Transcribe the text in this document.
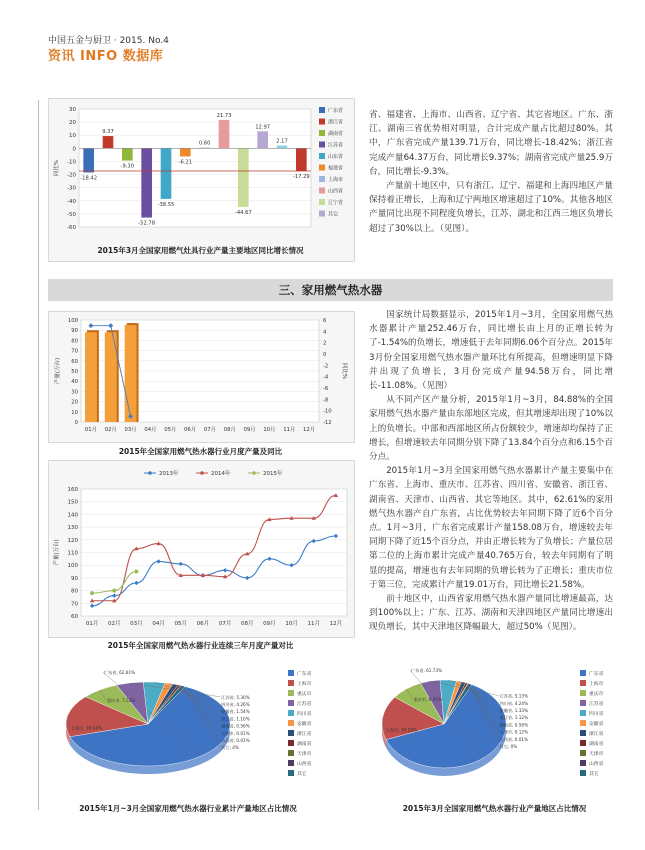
中国五金与厨卫 · 2015. No.4
资讯 INFO 数据库
30
20
10
0
-10
-20
-30
-40
-50
-60
同比%
-18.42
9.37
-9.30
-52.78
-38.55
-6.21
0.60
21.73
-44.67
12.97
2.17
-17.29
广东省
浙江省
湖南省
江苏省
山东省
福建省
上海市
山西省
辽宁省
其它
2015年3月全国家用燃气灶具行业产量主要地区同比增长情况

省、福建省、上海市、山西省、辽宁省、其它省地区。广东、浙江、湖南三省优势相对明显，合计完成产量占比超过80%。其中，广东省完成产量139.71万台，同比增长-18.42%；浙江省完成产量64.37万台，同比增长9.37%；湖南省完成产量25.9万台，同比增长-9.3%。

产量前十地区中，只有浙江、辽宁、福建和上海四地区产量保持着正增长，上海和辽宁两地区增速超过了10%。其他各地区产量同比出现不同程度负增长，江苏、湖北和江西三地区负增长超过了30%以上。（见图）。

三、家用燃气热水器
100
90
80
70
60
50
40
30
20
10
0
6
4
2
0
-2
-4
-6
-8
-10
-12
产量(万台)	同比%
01月 02月 03月 04月 05月 06月 07月 08月 09月 10月 11月 12月
2015年全国家用燃气热水器行业月度产量及同比
160
150
140
130
120
110
100
90
80
70
60
产量(万台)
01月 02月 03月 04月 05月 06月 07月 08月 09月 10月 11月 12月
2013年	2014年	2015年
2015年全国家用燃气热水器行业连续三年月度产量对比

国家统计局数据显示，2015年1月~3月，全国家用燃气热水器累计产量252.46万台，同比增长由上月的正增长转为了-1.54%的负增长，增速低于去年同期6.06个百分点。2015年3月份全国家用燃气热水器产量环比有所提高，但增速明显下降并出现了负增长，3月份完成产量94.58万台，同比增长-11.08%。（见图）

从不同产区产量分析，2015年1月~3月，84.88%的全国家用燃气热水器产量由东部地区完成，但其增速却出现了10%以上的负增长。中部和西部地区所占份额较少，增速却均保持了正增长，但增速较去年同期分别下降了13.84个百分点和6.15个百分点。

2015年1月~3月全国家用燃气热水器累计产量主要集中在广东省、上海市、重庆市、江苏省、四川省、安徽省、浙江省、湖南省、天津市、山西省、其它等地区。其中，62.61%的家用燃气热水器产自广东省，占比优势较去年同期下降了近6个百分点。1月~3月，广东省完成累计产量158.08万台，增速较去年同期下降了近15个百分点，并由正增长转为了负增长；产量位居第二位的上海市累计完成产量40.765万台，较去年同期有了明显的提高，增速也有去年同期的负增长转为了正增长；重庆市位于第三位，完成累计产量19.01万台，同比增长21.58%。

前十地区中，山西省家用燃气热水器产量同比增速最高，达到100%以上；广东、江苏、湖南和天津四地区产量同比增速出现负增长，其中天津地区降幅最大，超过50%（见图）。

广东省, 62.61%
上海市, 16.14%
重庆市, 7.53%
江苏省, 5.30%
四川省, 4.26%
安徽省, 1.54%
浙江省, 1.10%
湖南省, 0.56%
天津市, 0.01%
山西省, 0.01%
其它, 4%
广东省
上海市
重庆市
江苏省
四川省
安徽省
浙江省
湖南省
天津市
山西省
其它
2015年1月~3月全国家用燃气热水器行业累计产量地区占比情况
广东省, 61.73%
上海市, 16.18%
重庆市, 8.45%
江苏省, 5.13%
四川省, 4.24%
安徽省, 1.33%
浙江省, 1.12%
湖南省, 0.56%
天津市, 0.12%
山西省, 0.01%
其它, 0%
广东省
上海市
重庆市
江苏省
四川省
安徽省
浙江省
湖南省
天津市
山西省
其它
2015年3月全国家用燃气热水器行业产量地区占比情况
